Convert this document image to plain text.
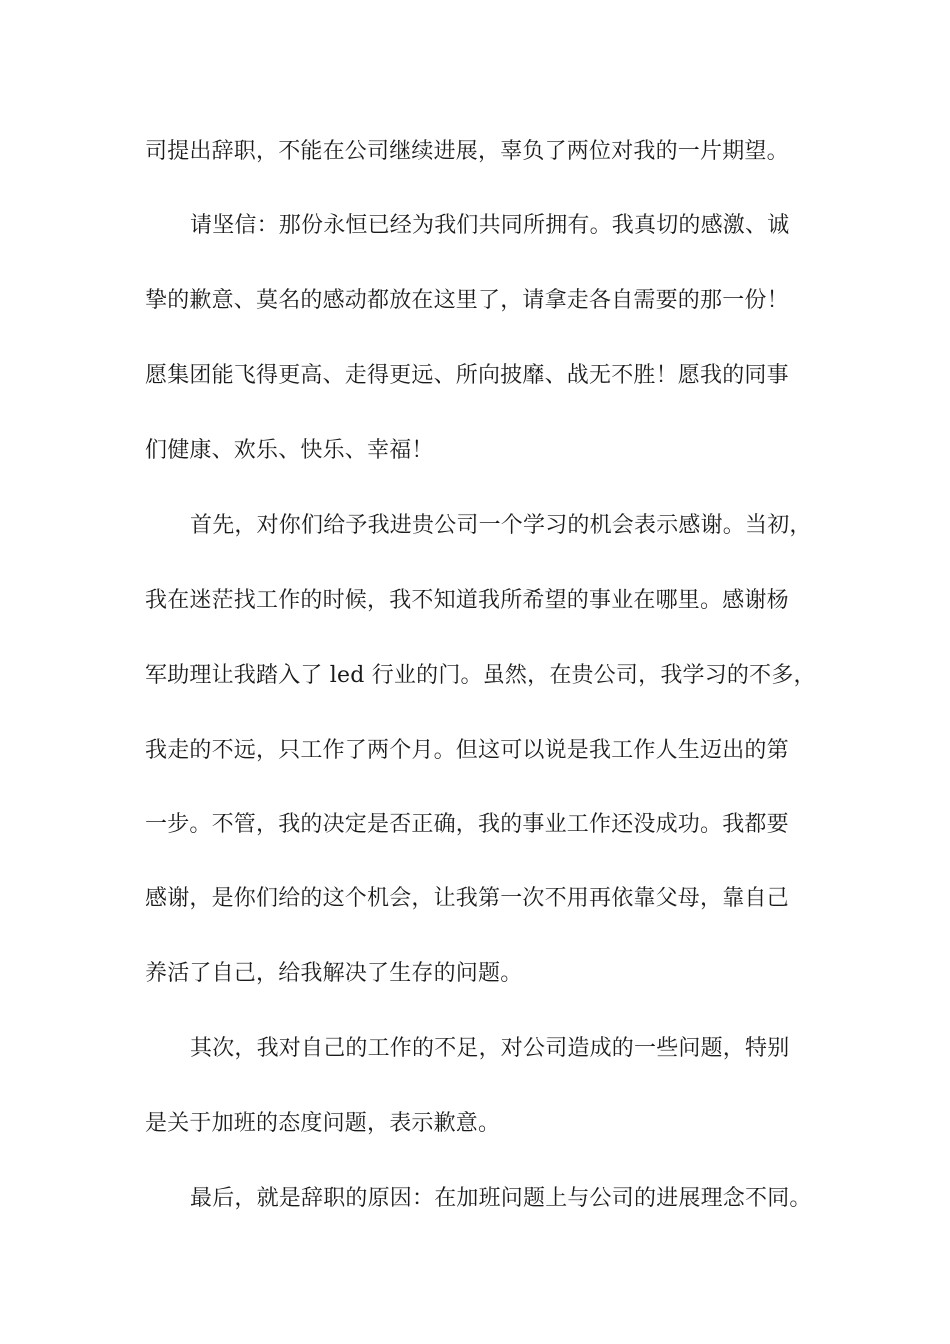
司提出辞职，不能在公司继续进展，辜负了两位对我的一片期望。
请坚信：那份永恒已经为我们共同所拥有。我真切的感激、诚
挚的歉意、莫名的感动都放在这里了，请拿走各自需要的那一份！
愿集团能飞得更高、走得更远、所向披靡、战无不胜！愿我的同事
们健康、欢乐、快乐、幸福！
首先，对你们给予我进贵公司一个学习的机会表示感谢。当初，
我在迷茫找工作的时候，我不知道我所希望的事业在哪里。感谢杨
军助理让我踏入了 led 行业的门。虽然，在贵公司，我学习的不多，
我走的不远，只工作了两个月。但这可以说是我工作人生迈出的第
一步。不管，我的决定是否正确，我的事业工作还没成功。我都要
感谢，是你们给的这个机会，让我第一次不用再依靠父母，靠自己
养活了自己，给我解决了生存的问题。
其次，我对自己的工作的不足，对公司造成的一些问题，特别
是关于加班的态度问题，表示歉意。
最后，就是辞职的原因：在加班问题上与公司的进展理念不同。
